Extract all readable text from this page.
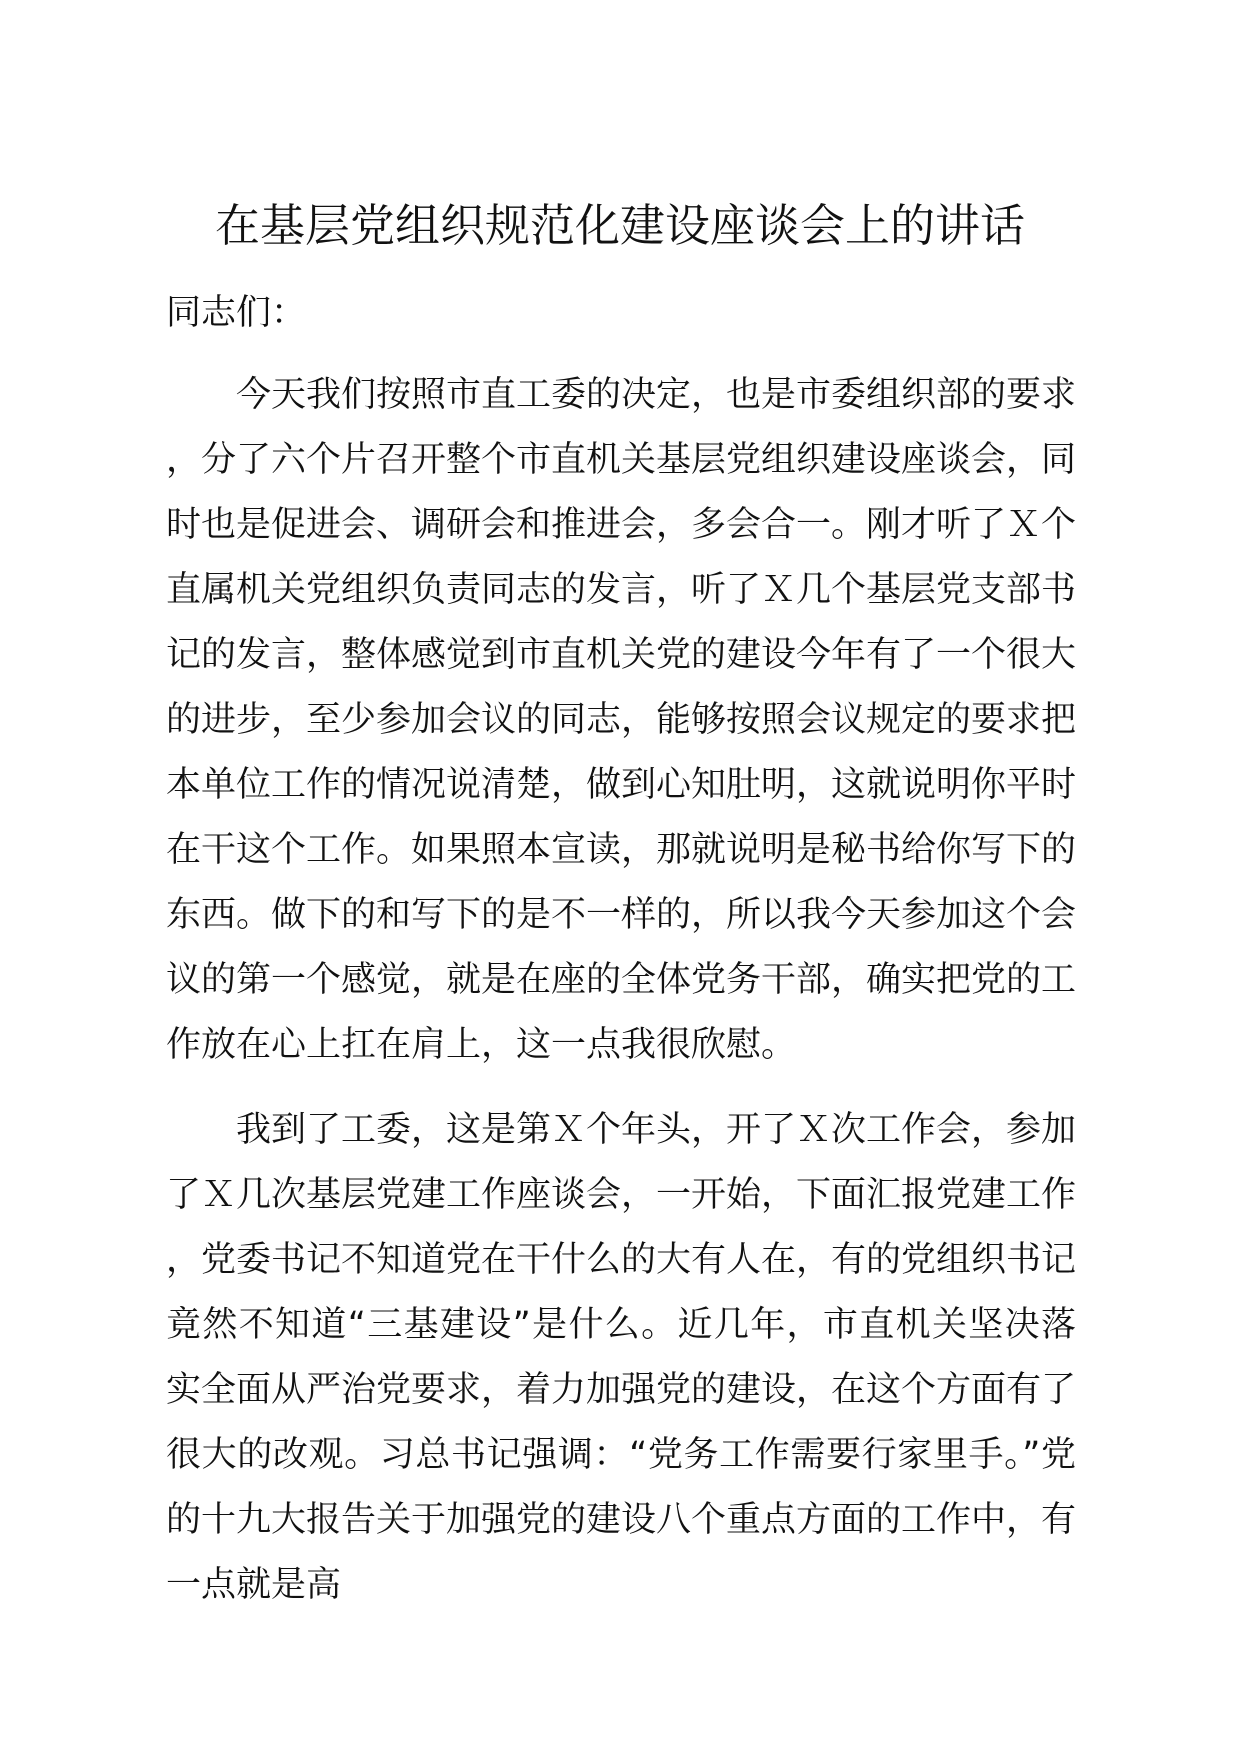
在基层党组织规范化建设座谈会上的讲话

同志们：

今天我们按照市直工委的决定，也是市委组织部的要求，分了六个片召开整个市直机关基层党组织建设座谈会，同时也是促进会、调研会和推进会，多会合一。刚才听了Ｘ个直属机关党组织负责同志的发言，听了Ｘ几个基层党支部书记的发言，整体感觉到市直机关党的建设今年有了一个很大的进步，至少参加会议的同志，能够按照会议规定的要求把本单位工作的情况说清楚，做到心知肚明，这就说明你平时在干这个工作。如果照本宣读，那就说明是秘书给你写下的东西。做下的和写下的是不一样的，所以我今天参加这个会议的第一个感觉，就是在座的全体党务干部，确实把党的工作放在心上扛在肩上，这一点我很欣慰。

我到了工委，这是第Ｘ个年头，开了Ｘ次工作会，参加了Ｘ几次基层党建工作座谈会，一开始，下面汇报党建工作，党委书记不知道党在干什么的大有人在，有的党组织书记竟然不知道“三基建设”是什么。近几年，市直机关坚决落实全面从严治党要求，着力加强党的建设，在这个方面有了很大的改观。习总书记强调：“党务工作需要行家里手。”党的十九大报告关于加强党的建设八个重点方面的工作中，有一点就是高
